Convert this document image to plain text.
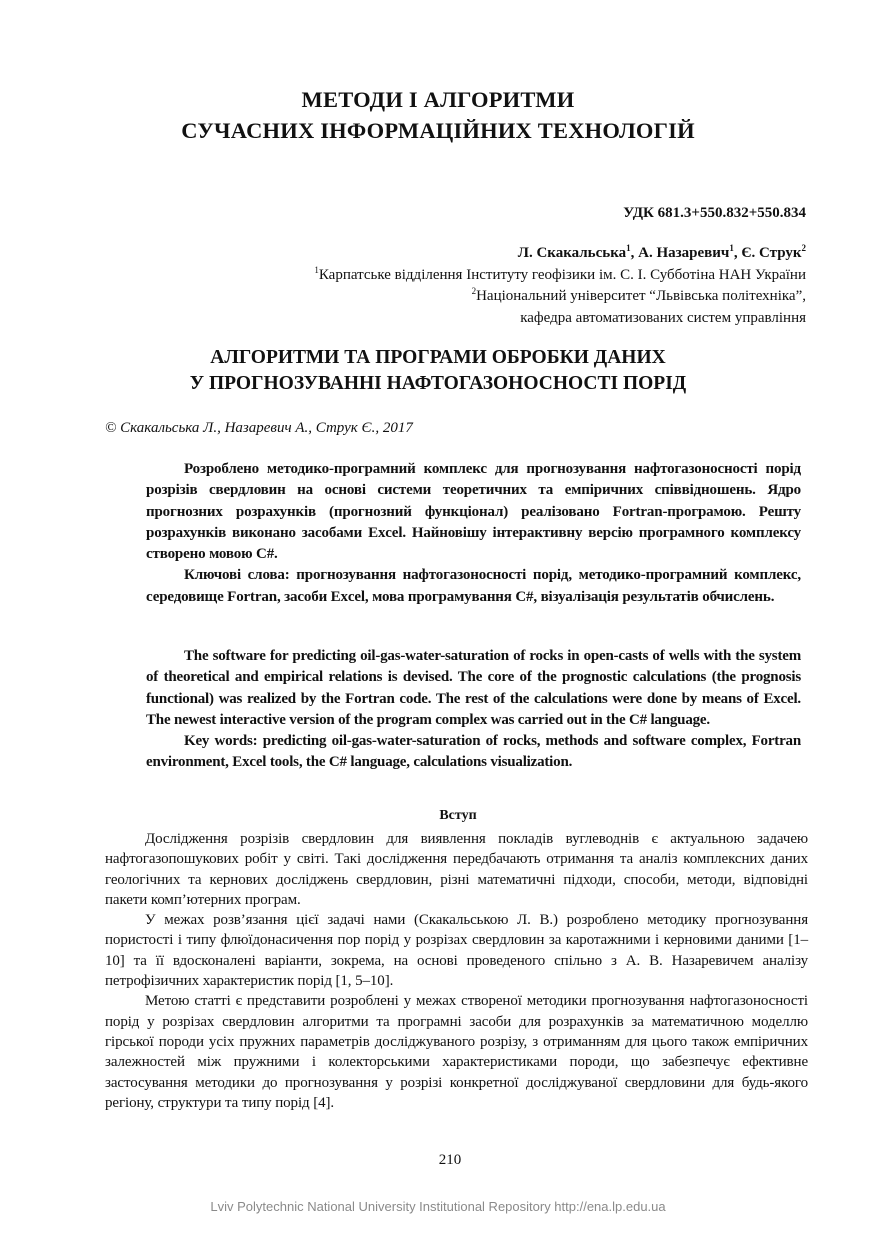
МЕТОДИ І АЛГОРИТМИ
СУЧАСНИХ ІНФОРМАЦІЙНИХ ТЕХНОЛОГІЙ
УДК 681.3+550.832+550.834
Л. Скакальська$^1$, А. Назаревич$^1$, Є. Струк$^2$
$^1$Карпатське відділення Інституту геофізики ім. С. І. Субботіна НАН України
$^2$Національний університет “Львівська політехніка”,
кафедра автоматизованих систем управління
АЛГОРИТМИ ТА ПРОГРАМИ ОБРОБКИ ДАНИХ
У ПРОГНОЗУВАННІ НАФТОГАЗОНОСНОСТІ ПОРІД
© Скакальська Л., Назаревич А., Струк Є., 2017

Розроблено методико-програмний комплекс для прогнозування нафтогазоносності порід розрізів свердловин на основі системи теоретичних та емпіричних співвідношень. Ядро прогнозних розрахунків (прогнозний функціонал) реалізовано Fortran-програмою. Решту розрахунків виконано засобами Excel. Найновішу інтерактивну версію програмного комплексу створено мовою C#.

Ключові слова: прогнозування нафтогазоносності порід, методико-програмний комплекс, середовище Fortran, засоби Excel, мова програмування C#, візуалізація результатів обчислень.

The software for predicting oil-gas-water-saturation of rocks in open-casts of wells with the system of theoretical and empirical relations is devised. The core of the prognostic calculations (the prognosis functional) was realized by the Fortran code. The rest of the calculations were done by means of Excel. The newest interactive version of the program complex was carried out in the C# language.

Key words: predicting oil-gas-water-saturation of rocks, methods and software complex, Fortran environment, Excel tools, the C# language, calculations visualization.

Вступ

Дослідження розрізів свердловин для виявлення покладів вуглеводнів є актуальною задачею нафтогазопошукових робіт у світі. Такі дослідження передбачають отримання та аналіз комплексних даних геологічних та кернових досліджень свердловин, різні математичні підходи, способи, методи, відповідні пакети комп’ютерних програм.

У межах розв’язання цієї задачі нами (Скакальською Л. В.) розроблено методику прогнозування пористості і типу флюїдонасичення пор порід у розрізах свердловин за каротажними і керновими даними [1–10] та її вдосконалені варіанти, зокрема, на основі проведеного спільно з А. В. Назаревичем аналізу петрофізичних характеристик порід [1, 5–10].

Метою статті є представити розроблені у межах створеної методики прогнозування нафтогазоносності порід у розрізах свердловин алгоритми та програмні засоби для розрахунків за математичною моделлю гірської породи усіх пружних параметрів досліджуваного розрізу, з отриманням для цього також емпіричних залежностей між пружними і колекторськими характеристиками породи, що забезпечує ефективне застосування методики до прогнозування у розрізі конкретної досліджуваної свердловини для будь-якого регіону, структури та типу порід [4].

210
Lviv Polytechnic National University Institutional Repository http://ena.lp.edu.ua
